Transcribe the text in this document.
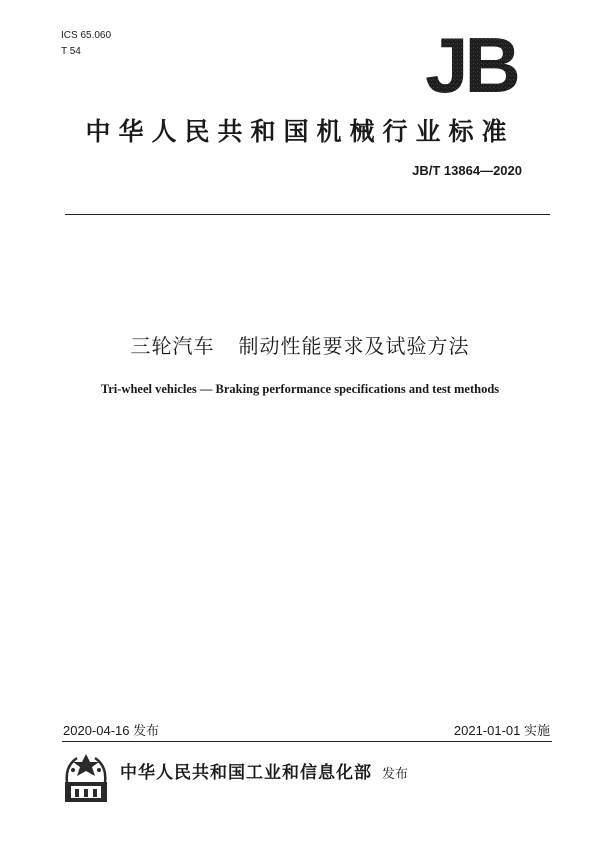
ICS 65.060
T 54	JB
中华人民共和国机械行业标准
JB/T 13864—2020
三轮汽车 制动性能要求及试验方法
Tri-wheel vehicles — Braking performance specifications and test methods
2020-04-16 发布	2021-01-01 实施
中华人民共和国工业和信息化部 发布
